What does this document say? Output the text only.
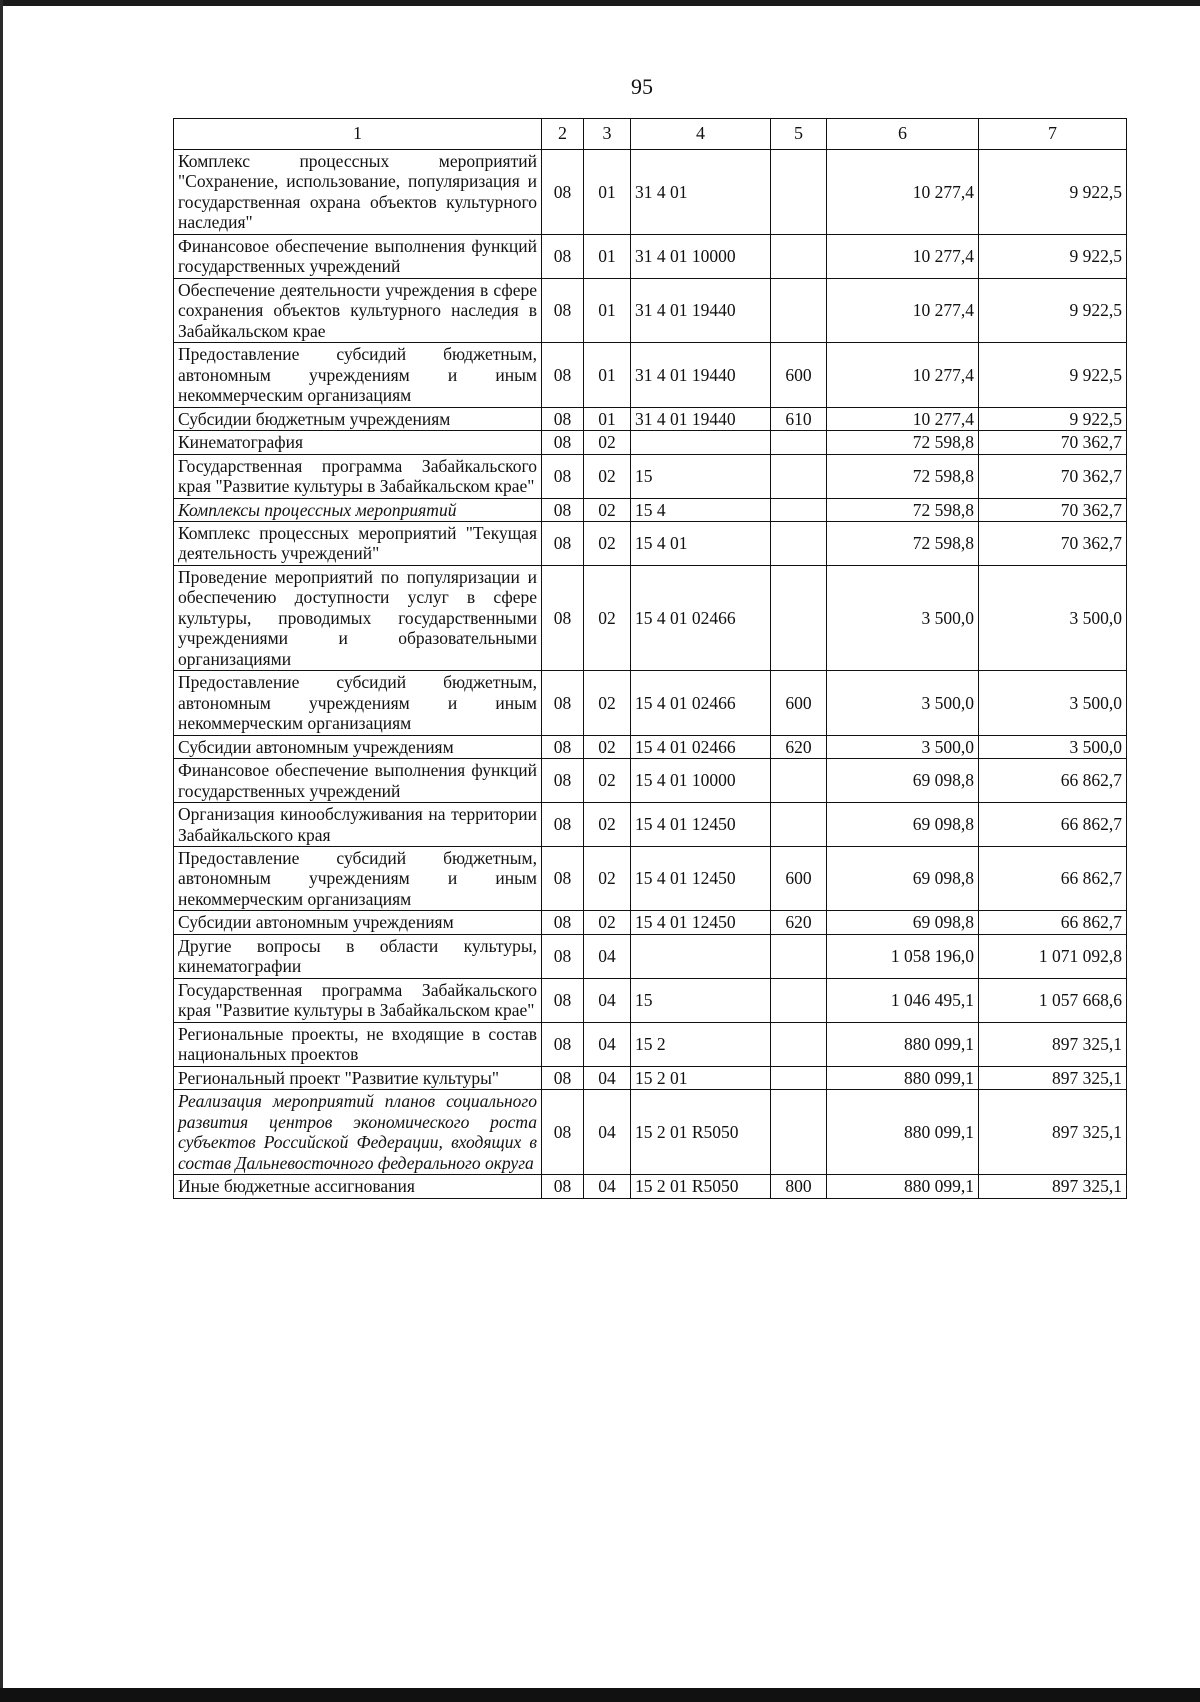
95
1	2	3	4	5	6	7
Комплекс процессных мероприятий "Сохранение, использование, популяризация и государственная охрана объектов культурного наследия"	08	01	31 4 01		10 277,4	9 922,5
Финансовое обеспечение выполнения функций государственных учреждений	08	01	31 4 01 10000		10 277,4	9 922,5
Обеспечение деятельности учреждения в сфере сохранения объектов культурного наследия в Забайкальском крае	08	01	31 4 01 19440		10 277,4	9 922,5
Предоставление субсидий бюджетным, автономным учреждениям и иным некоммерческим организациям	08	01	31 4 01 19440	600	10 277,4	9 922,5
Субсидии бюджетным учреждениям	08	01	31 4 01 19440	610	10 277,4	9 922,5
Кинематография	08	02			72 598,8	70 362,7
Государственная программа Забайкальского края "Развитие культуры в Забайкальском крае"	08	02	15		72 598,8	70 362,7
Комплексы процессных мероприятий	08	02	15 4		72 598,8	70 362,7
Комплекс процессных мероприятий "Текущая деятельность учреждений"	08	02	15 4 01		72 598,8	70 362,7
Проведение мероприятий по популяризации и обеспечению доступности услуг в сфере культуры, проводимых государственными учреждениями и образовательными организациями	08	02	15 4 01 02466		3 500,0	3 500,0
Предоставление субсидий бюджетным, автономным учреждениям и иным некоммерческим организациям	08	02	15 4 01 02466	600	3 500,0	3 500,0
Субсидии автономным учреждениям	08	02	15 4 01 02466	620	3 500,0	3 500,0
Финансовое обеспечение выполнения функций государственных учреждений	08	02	15 4 01 10000		69 098,8	66 862,7
Организация кинообслуживания на территории Забайкальского края	08	02	15 4 01 12450		69 098,8	66 862,7
Предоставление субсидий бюджетным, автономным учреждениям и иным некоммерческим организациям	08	02	15 4 01 12450	600	69 098,8	66 862,7
Субсидии автономным учреждениям	08	02	15 4 01 12450	620	69 098,8	66 862,7
Другие вопросы в области культуры, кинематографии	08	04			1 058 196,0	1 071 092,8
Государственная программа Забайкальского края "Развитие культуры в Забайкальском крае"	08	04	15		1 046 495,1	1 057 668,6
Региональные проекты, не входящие в состав национальных проектов	08	04	15 2		880 099,1	897 325,1
Региональный проект "Развитие культуры"	08	04	15 2 01		880 099,1	897 325,1
Реализация мероприятий планов социального развития центров экономического роста субъектов Российской Федерации, входящих в состав Дальневосточного федерального округа	08	04	15 2 01 R5050		880 099,1	897 325,1
Иные бюджетные ассигнования	08	04	15 2 01 R5050	800	880 099,1	897 325,1
